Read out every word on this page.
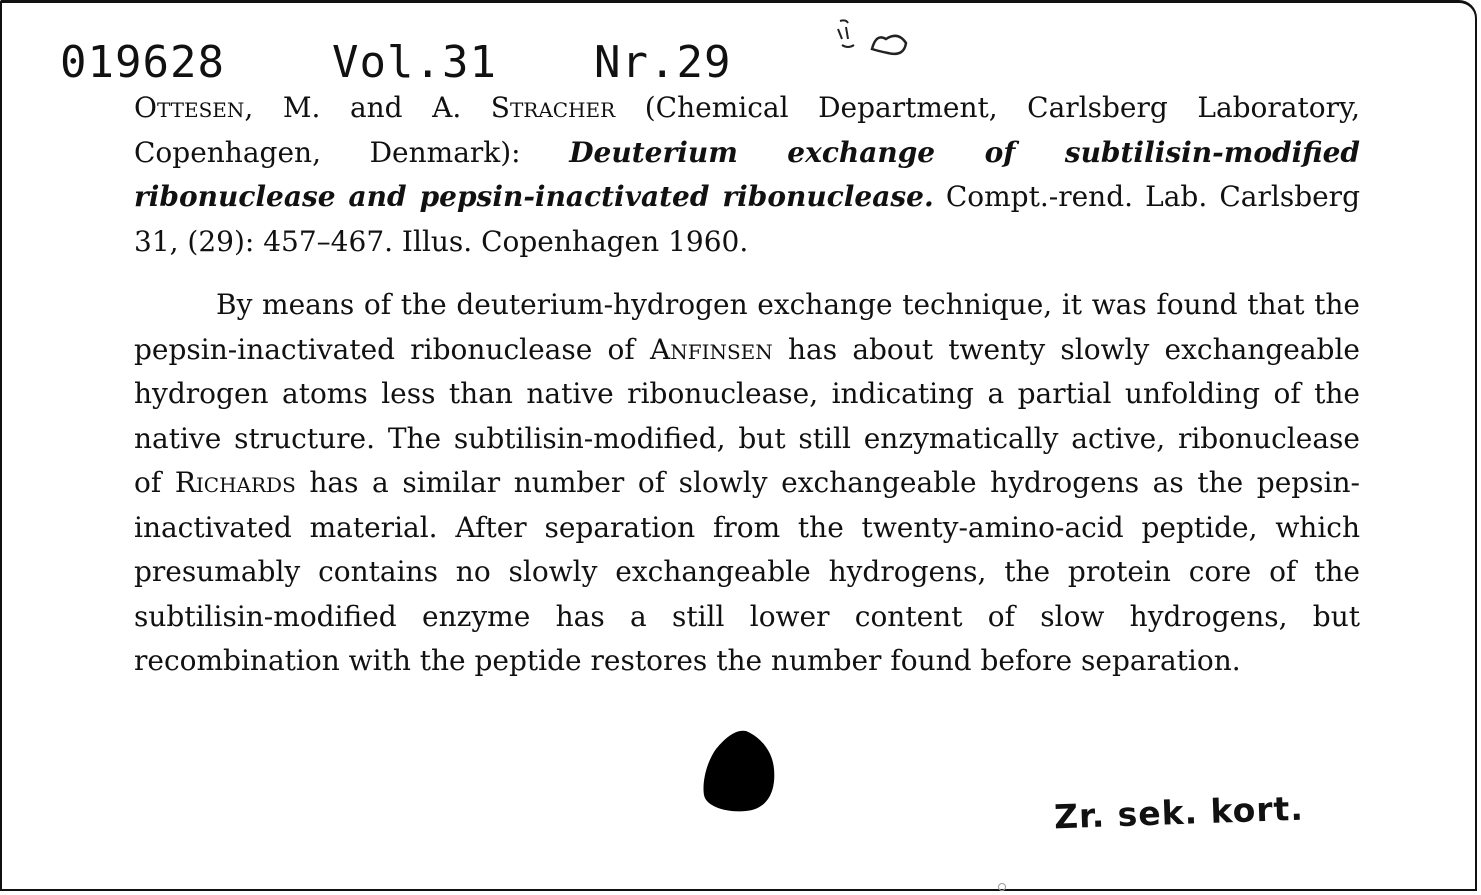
019628 Vol.31 Nr.29
Ottesen, M. and A. Stracher (Chemical Department, Carlsberg Laboratory, Copenhagen, Denmark): Deuterium exchange of subtilisin-modified ribonuclease and pepsin-inactivated ribonuclease. Compt.-rend. Lab. Carlsberg 31, (29): 457–467. Illus. Copenhagen 1960.

By means of the deuterium-hydrogen exchange technique, it was found that the pepsin-inactivated ribonuclease of Anfinsen has about twenty slowly exchangeable hydrogen atoms less than native ribonuclease, indicating a partial unfolding of the native structure. The subtilisin-modified, but still enzymatically active, ribonuclease of Richards has a similar number of slowly exchangeable hydrogens as the pepsin-inactivated material. After separation from the twenty-amino-acid peptide, which presumably contains no slowly exchangeable hydrogens, the protein core of the subtilisin-modified enzyme has a still lower content of slow hydrogens, but recombination with the peptide restores the number found before separation.

Zr. sek. kort.
